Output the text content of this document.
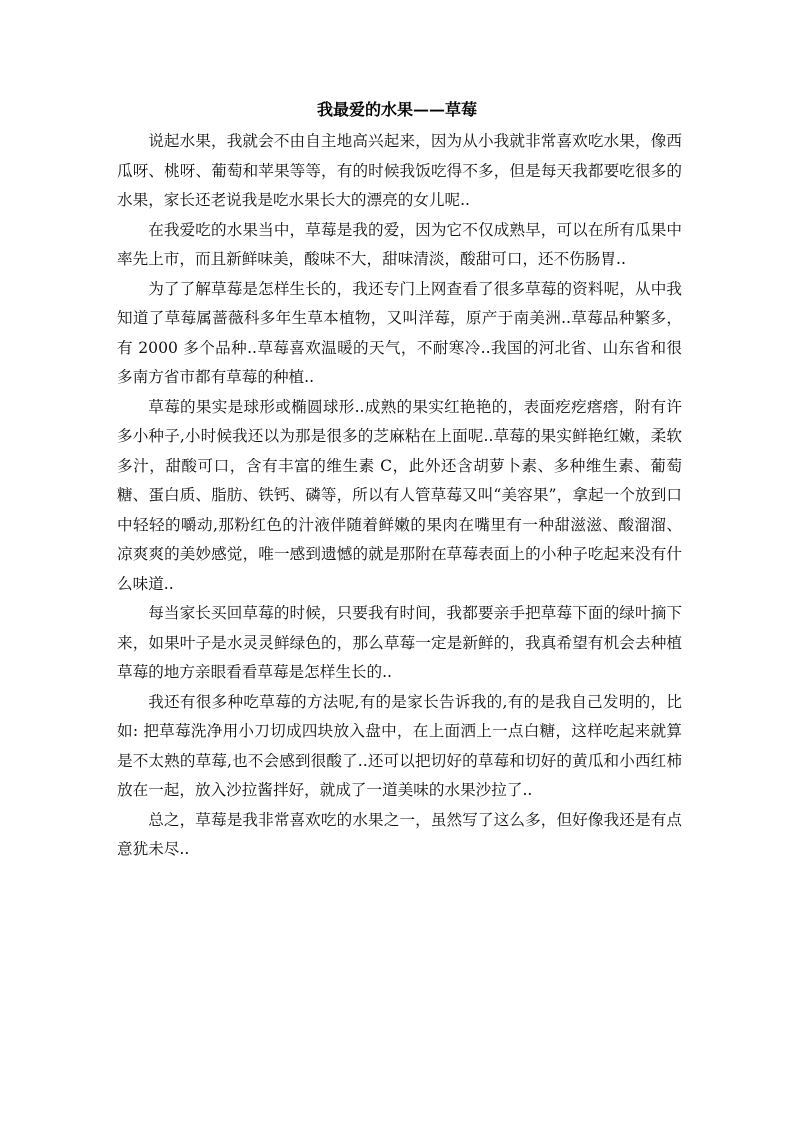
我最爱的水果——草莓

说起水果，我就会不由自主地高兴起来，因为从小我就非常喜欢吃水果，像西瓜呀、桃呀、葡萄和苹果等等，有的时候我饭吃得不多，但是每天我都要吃很多的水果，家长还老说我是吃水果长大的漂亮的女儿呢..

在我爱吃的水果当中，草莓是我的爱，因为它不仅成熟早，可以在所有瓜果中率先上市，而且新鲜味美，酸味不大，甜味清淡，酸甜可口，还不伤肠胃..

为了了解草莓是怎样生长的，我还专门上网查看了很多草莓的资料呢，从中我知道了草莓属蔷薇科多年生草本植物，又叫洋莓，原产于南美洲..草莓品种繁多，有 2000 多个品种..草莓喜欢温暖的天气，不耐寒冷..我国的河北省、山东省和很多南方省市都有草莓的种植..

草莓的果实是球形或椭圆球形..成熟的果实红艳艳的，表面疙疙瘩瘩，附有许多小种子,小时候我还以为那是很多的芝麻粘在上面呢..草莓的果实鲜艳红嫩，柔软多汁，甜酸可口，含有丰富的维生素 C，此外还含胡萝卜素、多种维生素、葡萄糖、蛋白质、脂肪、铁钙、磷等，所以有人管草莓又叫“美容果”，拿起一个放到口中轻轻的嚼动,那粉红色的汁液伴随着鲜嫩的果肉在嘴里有一种甜滋滋、酸溜溜、凉爽爽的美妙感觉，唯一感到遗憾的就是那附在草莓表面上的小种子吃起来没有什么味道..

每当家长买回草莓的时候，只要我有时间，我都要亲手把草莓下面的绿叶摘下来，如果叶子是水灵灵鲜绿色的，那么草莓一定是新鲜的，我真希望有机会去种植草莓的地方亲眼看看草莓是怎样生长的..

我还有很多种吃草莓的方法呢,有的是家长告诉我的,有的是我自己发明的，比如: 把草莓洗净用小刀切成四块放入盘中，在上面洒上一点白糖，这样吃起来就算是不太熟的草莓,也不会感到很酸了..还可以把切好的草莓和切好的黄瓜和小西红柿放在一起，放入沙拉酱拌好，就成了一道美味的水果沙拉了..

总之，草莓是我非常喜欢吃的水果之一，虽然写了这么多，但好像我还是有点意犹未尽..
